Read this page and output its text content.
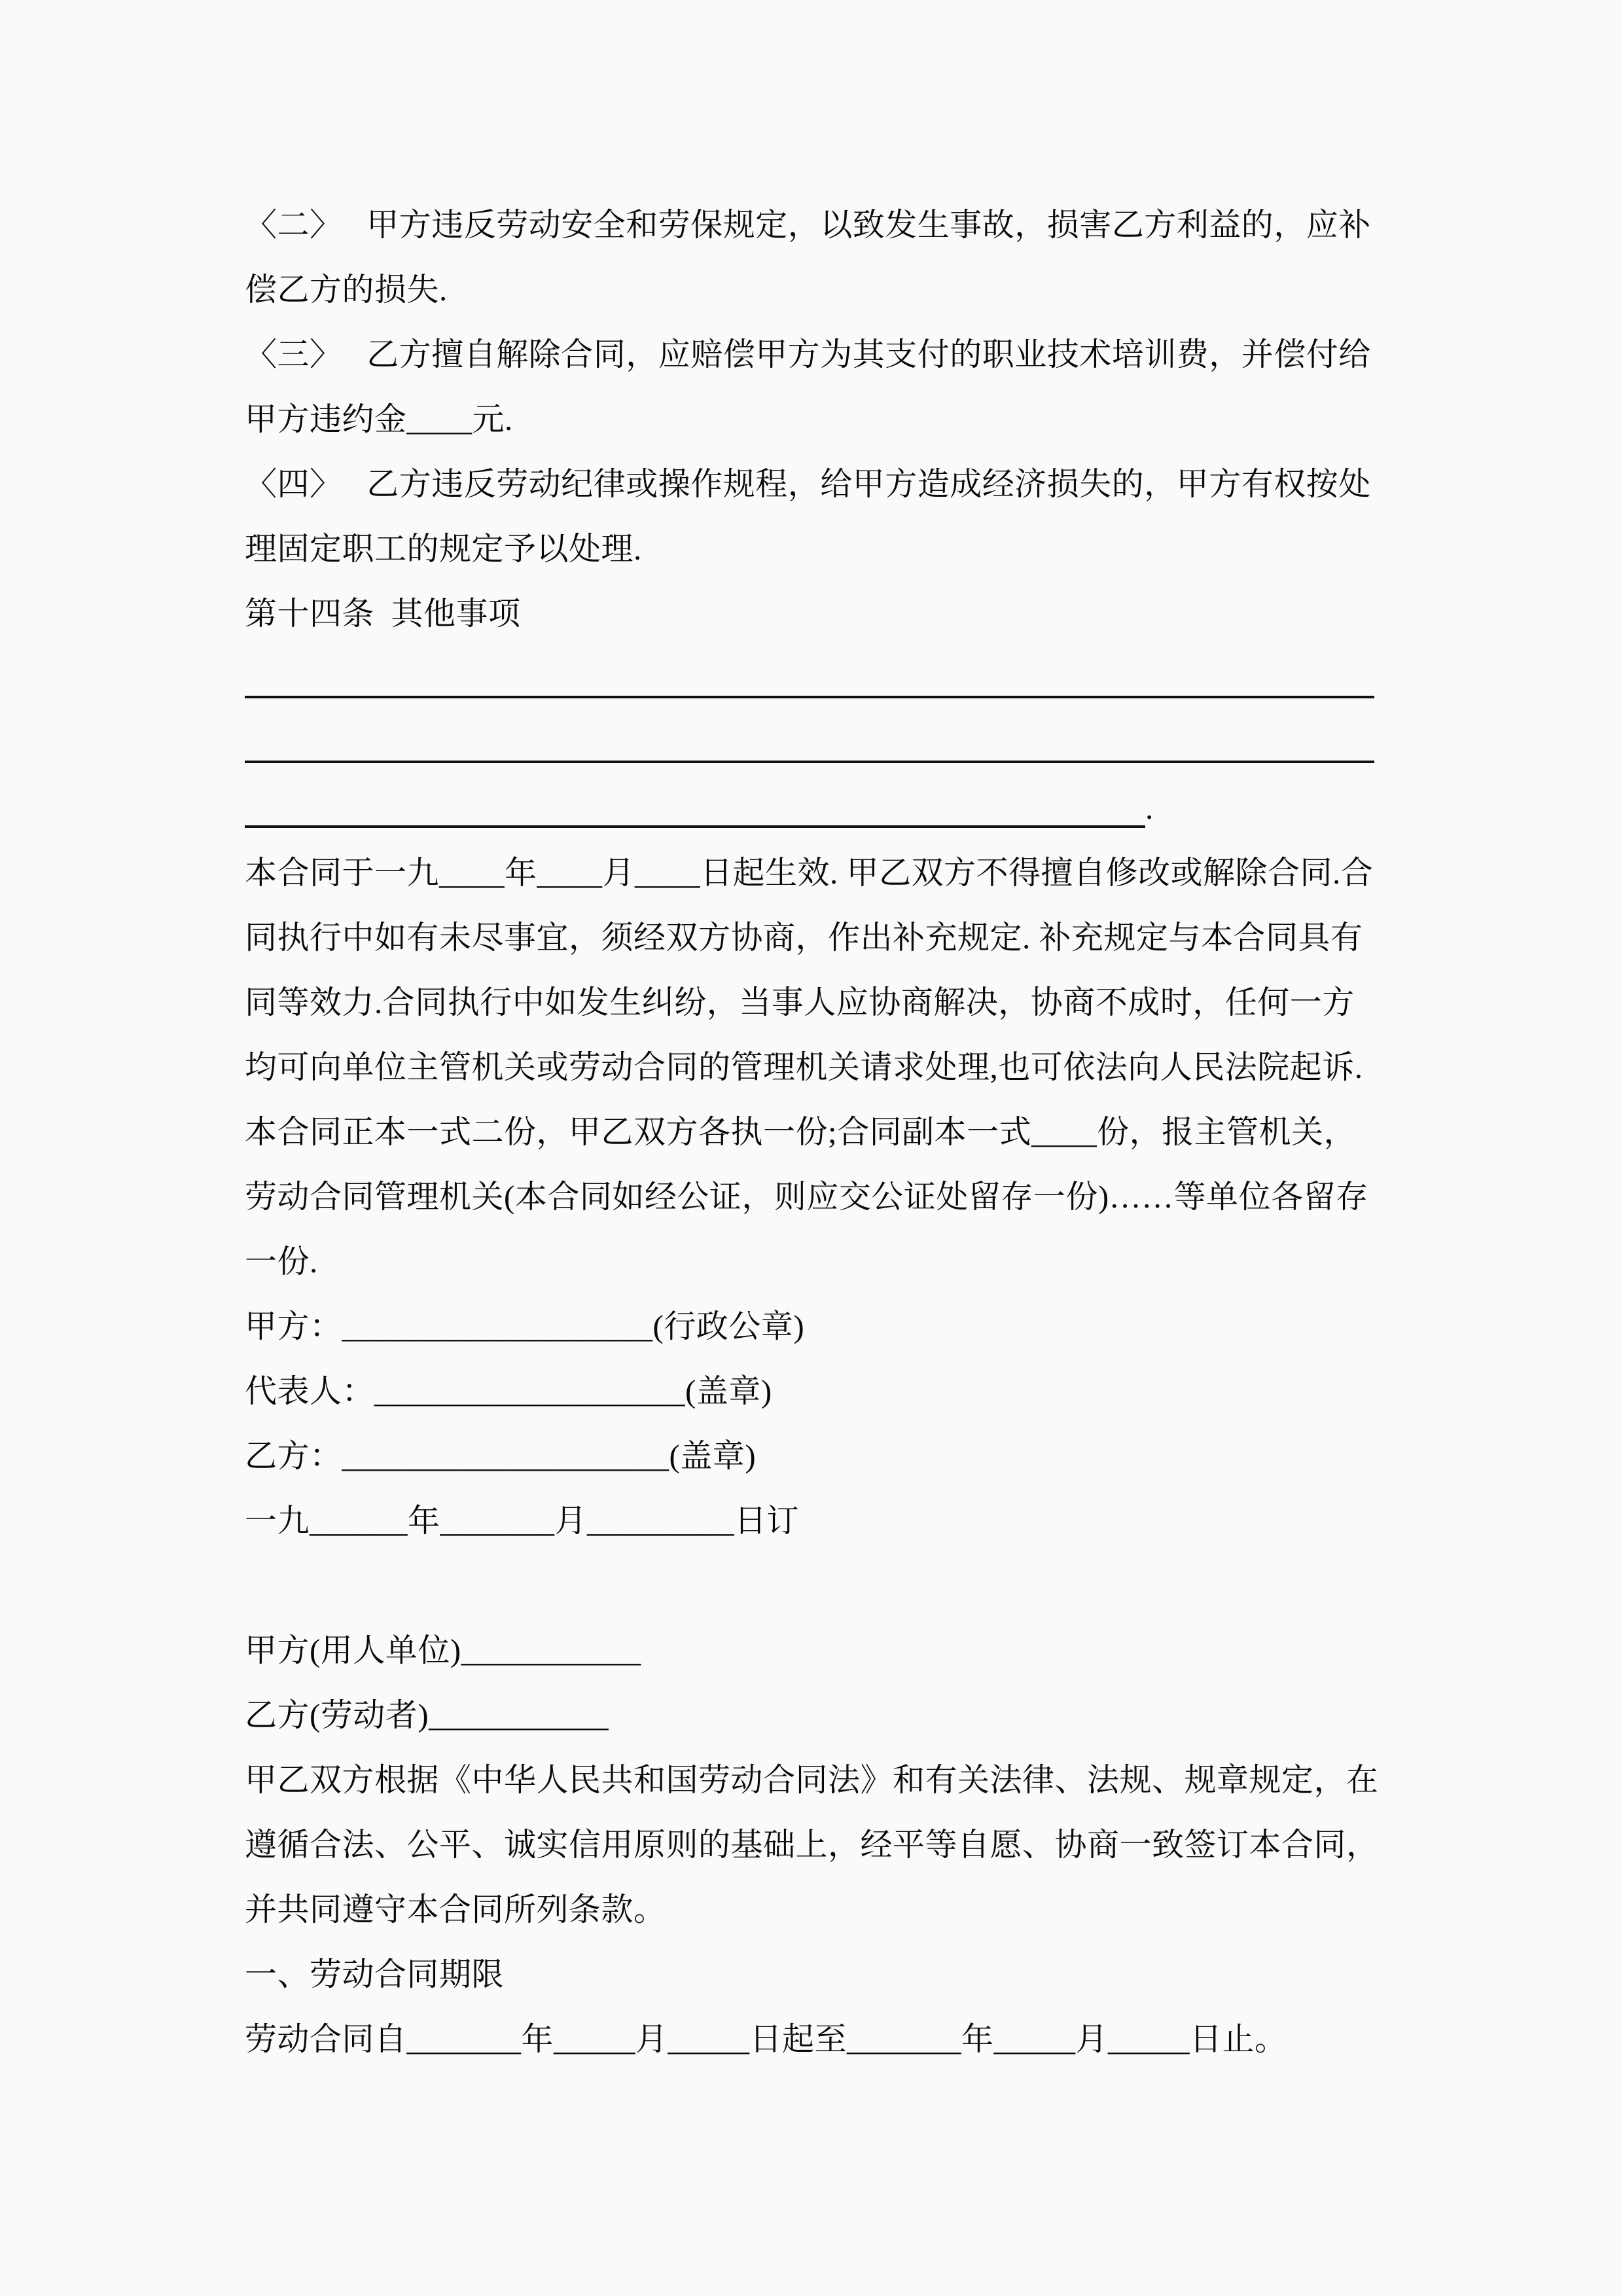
〈二〉　 甲方违反劳动安全和劳保规定，以致发生事故，损害乙方利益的，应补
偿乙方的损失.
〈三〉　 乙方擅自解除合同，应赔偿甲方为其支付的职业技术培训费，并偿付给
甲方违约金____元.
〈四〉　 乙方违反劳动纪律或操作规程，给甲方造成经济损失的，甲方有权按处
理固定职工的规定予以处理.
第十四条  其他事项
.
本合同于一九____年____月____日起生效. 甲乙双方不得擅自修改或解除合同.合
同执行中如有未尽事宜，须经双方协商，作出补充规定. 补充规定与本合同具有
同等效力.合同执行中如发生纠纷，当事人应协商解决，协商不成时，任何一方
均可向单位主管机关或劳动合同的管理机关请求处理,也可依法向人民法院起诉.
本合同正本一式二份，甲乙双方各执一份;合同副本一式____份，报主管机关，
劳动合同管理机关(本合同如经公证，则应交公证处留存一份)……等单位各留存
一份.
甲方：___________________(行政公章)
代表人：___________________(盖章)
乙方：____________________(盖章)
一九______年_______月_________日订
甲方(用人单位)___________
乙方(劳动者)___________
甲乙双方根据《中华人民共和国劳动合同法》和有关法律、法规、规章规定，在
遵循合法、公平、诚实信用原则的基础上，经平等自愿、协商一致签订本合同，
并共同遵守本合同所列条款。
一、劳动合同期限
劳动合同自_______年_____月_____日起至_______年_____月_____日止。
